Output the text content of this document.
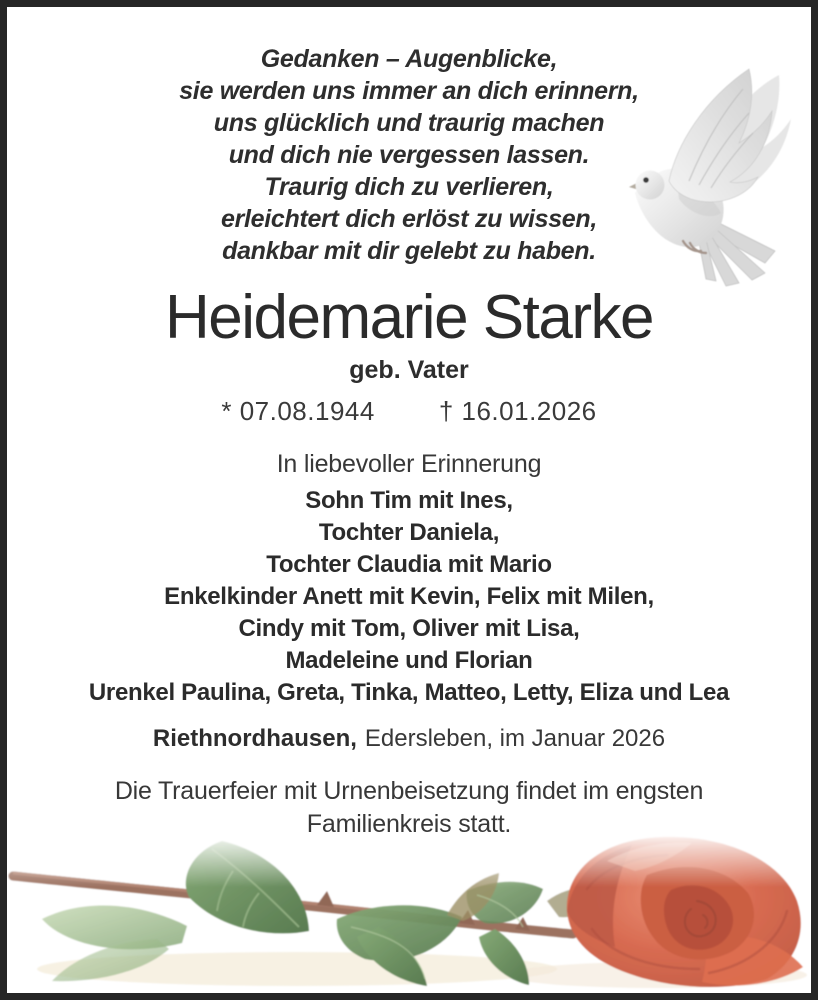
Gedanken – Augenblicke,
sie werden uns immer an dich erinnern,
uns glücklich und traurig machen
und dich nie vergessen lassen.
Traurig dich zu verlieren,
erleichtert dich erlöst zu wissen,
dankbar mit dir gelebt zu haben.
Heidemarie Starke
geb. Vater
* 07.08.1944 † 16.01.2026
In liebevoller Erinnerung
Sohn Tim mit Ines,
Tochter Daniela,
Tochter Claudia mit Mario
Enkelkinder Anett mit Kevin, Felix mit Milen,
Cindy mit Tom, Oliver mit Lisa,
Madeleine und Florian
Urenkel Paulina, Greta, Tinka, Matteo, Letty, Eliza und Lea
Riethnordhausen, Edersleben, im Januar 2026
Die Trauerfeier mit Urnenbeisetzung findet im engsten
Familienkreis statt.
